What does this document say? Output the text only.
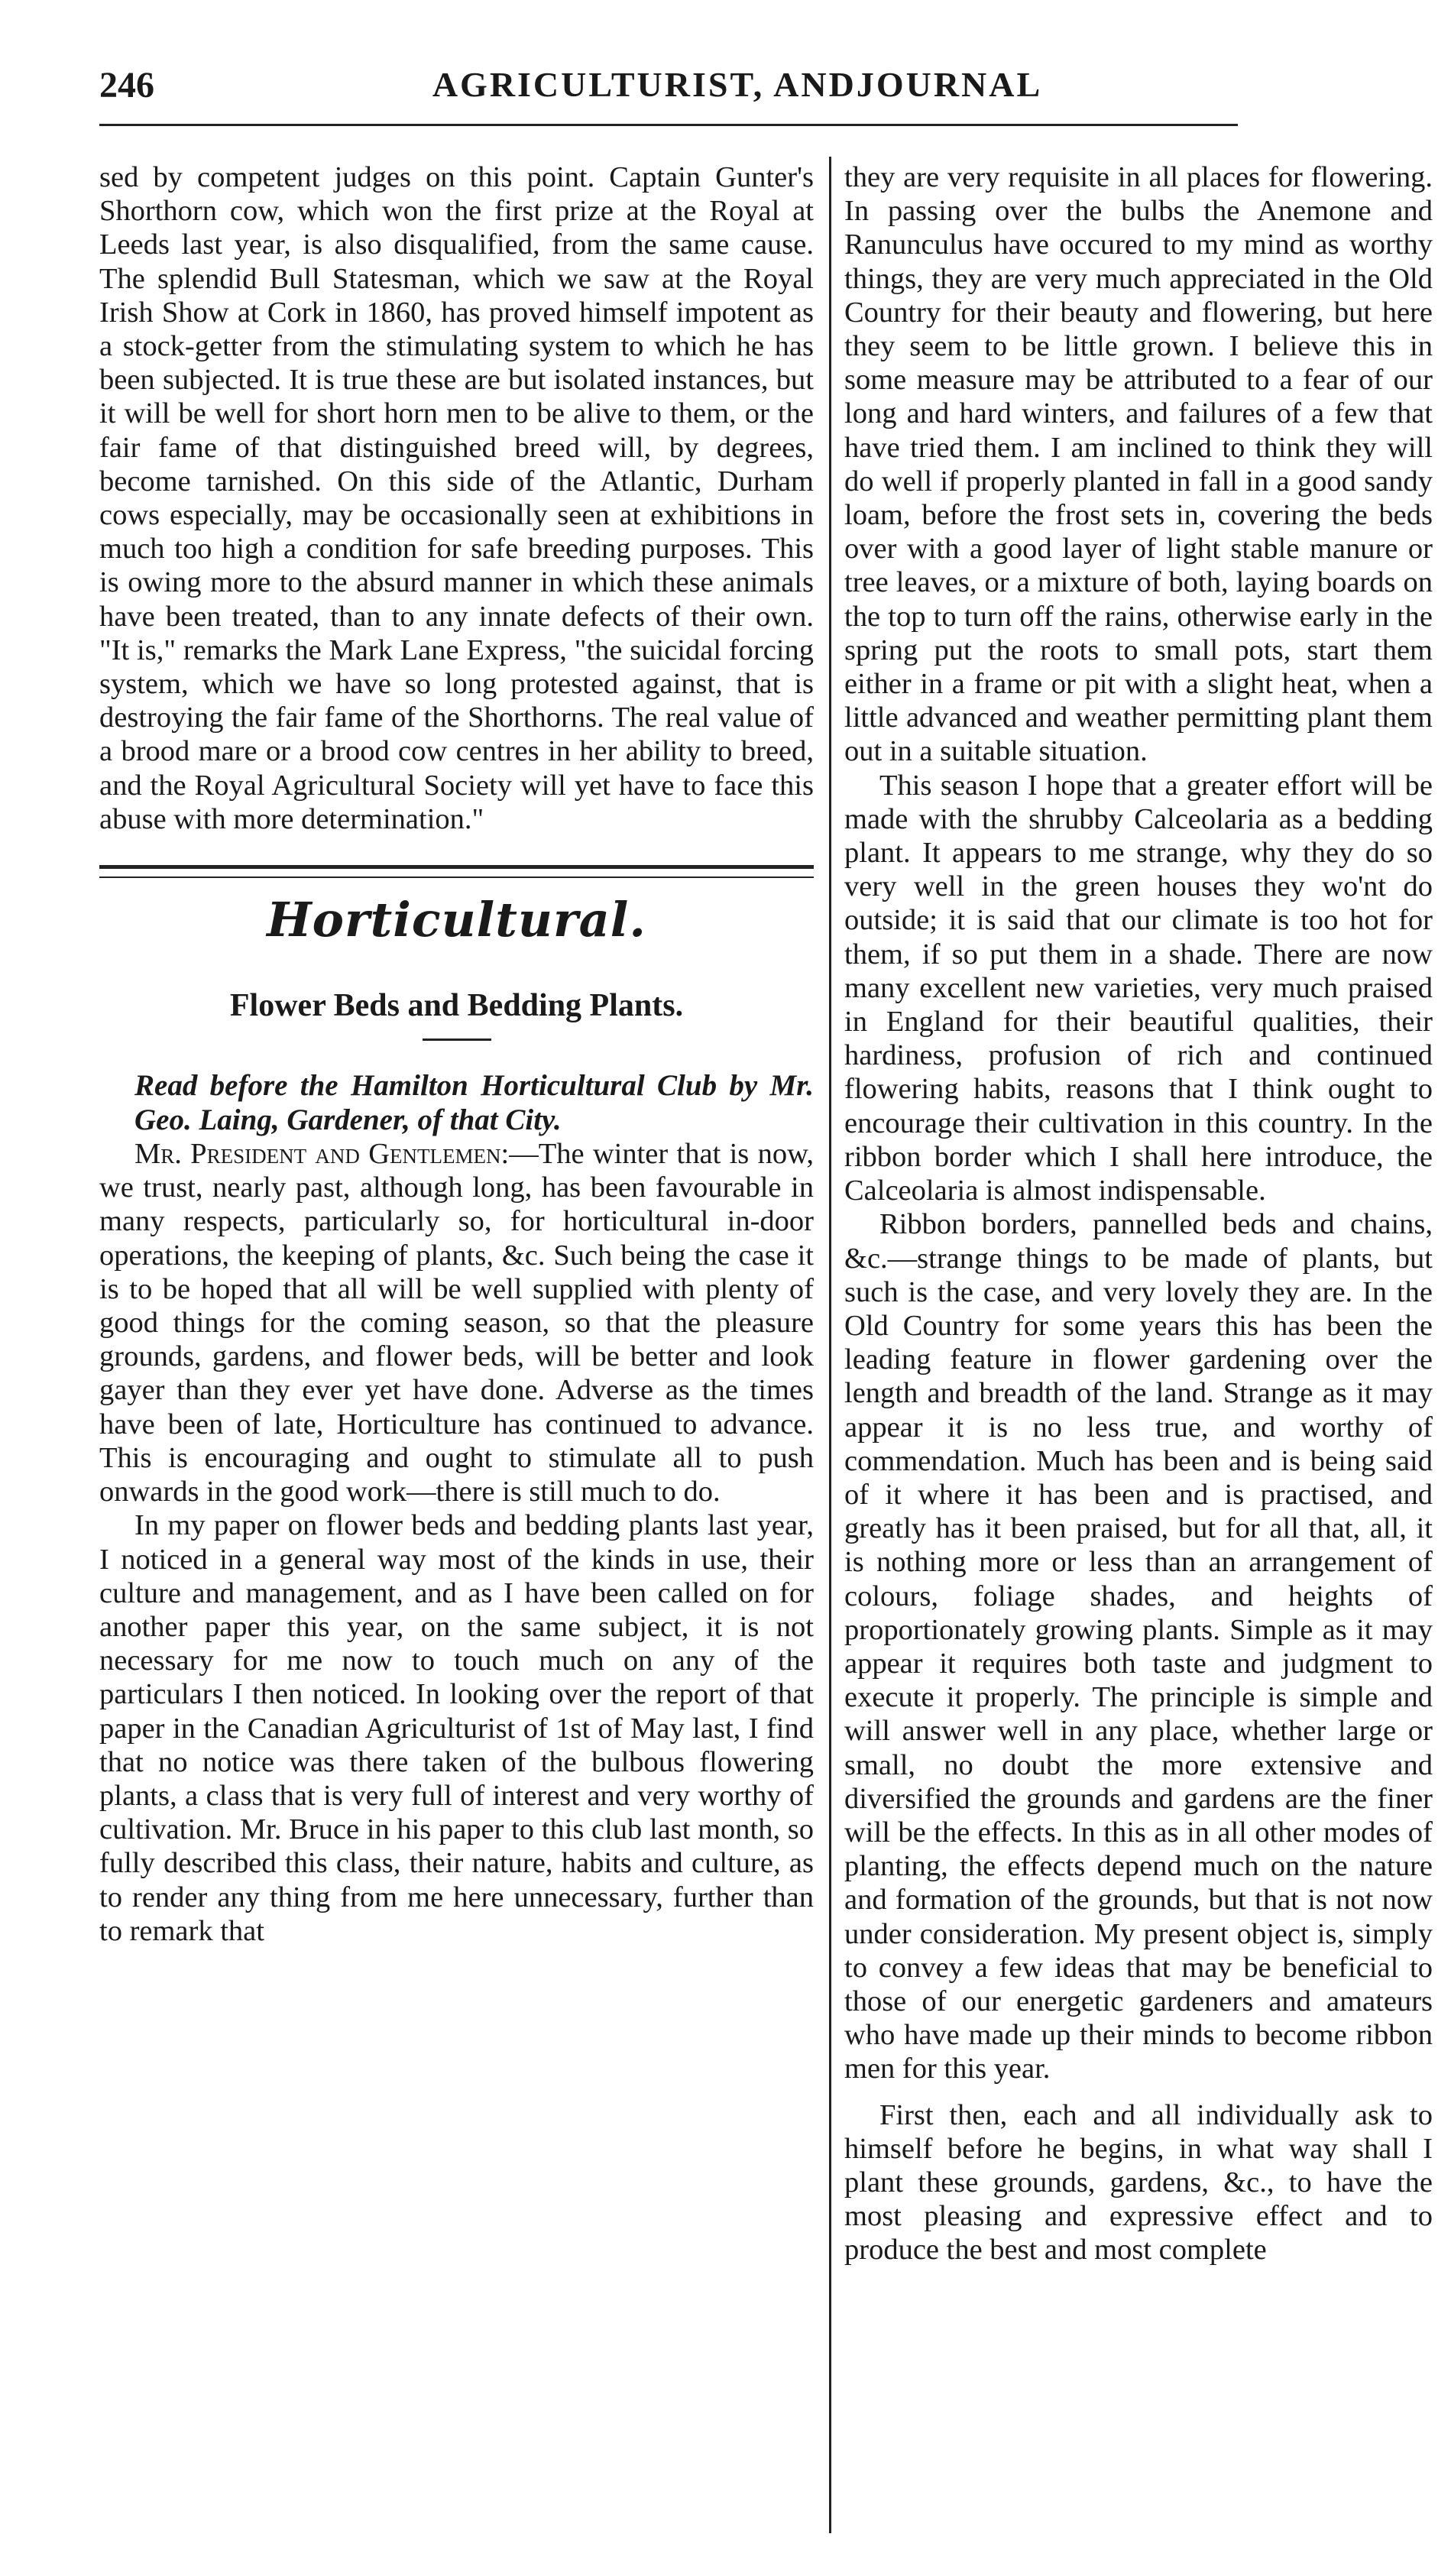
246	AGRICULTURIST, ANDJOURNAL

sed by competent judges on this point. Captain Gunter's Shorthorn cow, which won the first prize at the Royal at Leeds last year, is also disqualified, from the same cause. The splendid Bull Statesman, which we saw at the Royal Irish Show at Cork in 1860, has proved himself impotent as a stock-getter from the stimulating system to which he has been subjected. It is true these are but isolated instances, but it will be well for short horn men to be alive to them, or the fair fame of that distinguished breed will, by degrees, become tarnished. On this side of the Atlantic, Durham cows especially, may be occasionally seen at exhibitions in much too high a condition for safe breeding purposes. This is owing more to the absurd manner in which these animals have been treated, than to any innate defects of their own. "It is," remarks the Mark Lane Express, "the suicidal forcing system, which we have so long protested against, that is destroying the fair fame of the Shorthorns. The real value of a brood mare or a brood cow centres in her ability to breed, and the Royal Agricultural Society will yet have to face this abuse with more determination."

Horticultural.
Flower Beds and Bedding Plants.

Read before the Hamilton Horticultural Club by Mr. Geo. Laing, Gardener, of that City.

Mr. President and Gentlemen:—The winter that is now, we trust, nearly past, although long, has been favourable in many respects, particularly so, for horticultural in-door operations, the keeping of plants, &c. Such being the case it is to be hoped that all will be well supplied with plenty of good things for the coming season, so that the pleasure grounds, gardens, and flower beds, will be better and look gayer than they ever yet have done. Adverse as the times have been of late, Horticulture has continued to advance. This is encouraging and ought to stimulate all to push onwards in the good work—there is still much to do.

In my paper on flower beds and bedding plants last year, I noticed in a general way most of the kinds in use, their culture and management, and as I have been called on for another paper this year, on the same subject, it is not necessary for me now to touch much on any of the particulars I then noticed. In looking over the report of that paper in the Canadian Agriculturist of 1st of May last, I find that no notice was there taken of the bulbous flowering plants, a class that is very full of interest and very worthy of cultivation. Mr. Bruce in his paper to this club last month, so fully described this class, their nature, habits and culture, as to render any thing from me here unnecessary, further than to remark that

they are very requisite in all places for flowering. In passing over the bulbs the Anemone and Ranunculus have occured to my mind as worthy things, they are very much appreciated in the Old Country for their beauty and flowering, but here they seem to be little grown. I believe this in some measure may be attributed to a fear of our long and hard winters, and failures of a few that have tried them. I am inclined to think they will do well if properly planted in fall in a good sandy loam, before the frost sets in, covering the beds over with a good layer of light stable manure or tree leaves, or a mixture of both, laying boards on the top to turn off the rains, otherwise early in the spring put the roots to small pots, start them either in a frame or pit with a slight heat, when a little advanced and weather permitting plant them out in a suitable situation.

This season I hope that a greater effort will be made with the shrubby Calceolaria as a bedding plant. It appears to me strange, why they do so very well in the green houses they wo'nt do outside; it is said that our climate is too hot for them, if so put them in a shade. There are now many excellent new varieties, very much praised in England for their beautiful qualities, their hardiness, profusion of rich and continued flowering habits, reasons that I think ought to encourage their cultivation in this country. In the ribbon border which I shall here introduce, the Calceolaria is almost indispensable.

Ribbon borders, pannelled beds and chains, &c.—strange things to be made of plants, but such is the case, and very lovely they are. In the Old Country for some years this has been the leading feature in flower gardening over the length and breadth of the land. Strange as it may appear it is no less true, and worthy of commendation. Much has been and is being said of it where it has been and is practised, and greatly has it been praised, but for all that, all, it is nothing more or less than an arrangement of colours, foliage shades, and heights of proportionately growing plants. Simple as it may appear it requires both taste and judgment to execute it properly. The principle is simple and will answer well in any place, whether large or small, no doubt the more extensive and diversified the grounds and gardens are the finer will be the effects. In this as in all other modes of planting, the effects depend much on the nature and formation of the grounds, but that is not now under consideration. My present object is, simply to convey a few ideas that may be beneficial to those of our energetic gardeners and amateurs who have made up their minds to become ribbon men for this year.

First then, each and all individually ask to himself before he begins, in what way shall I plant these grounds, gardens, &c., to have the most pleasing and expressive effect and to produce the best and most complete
